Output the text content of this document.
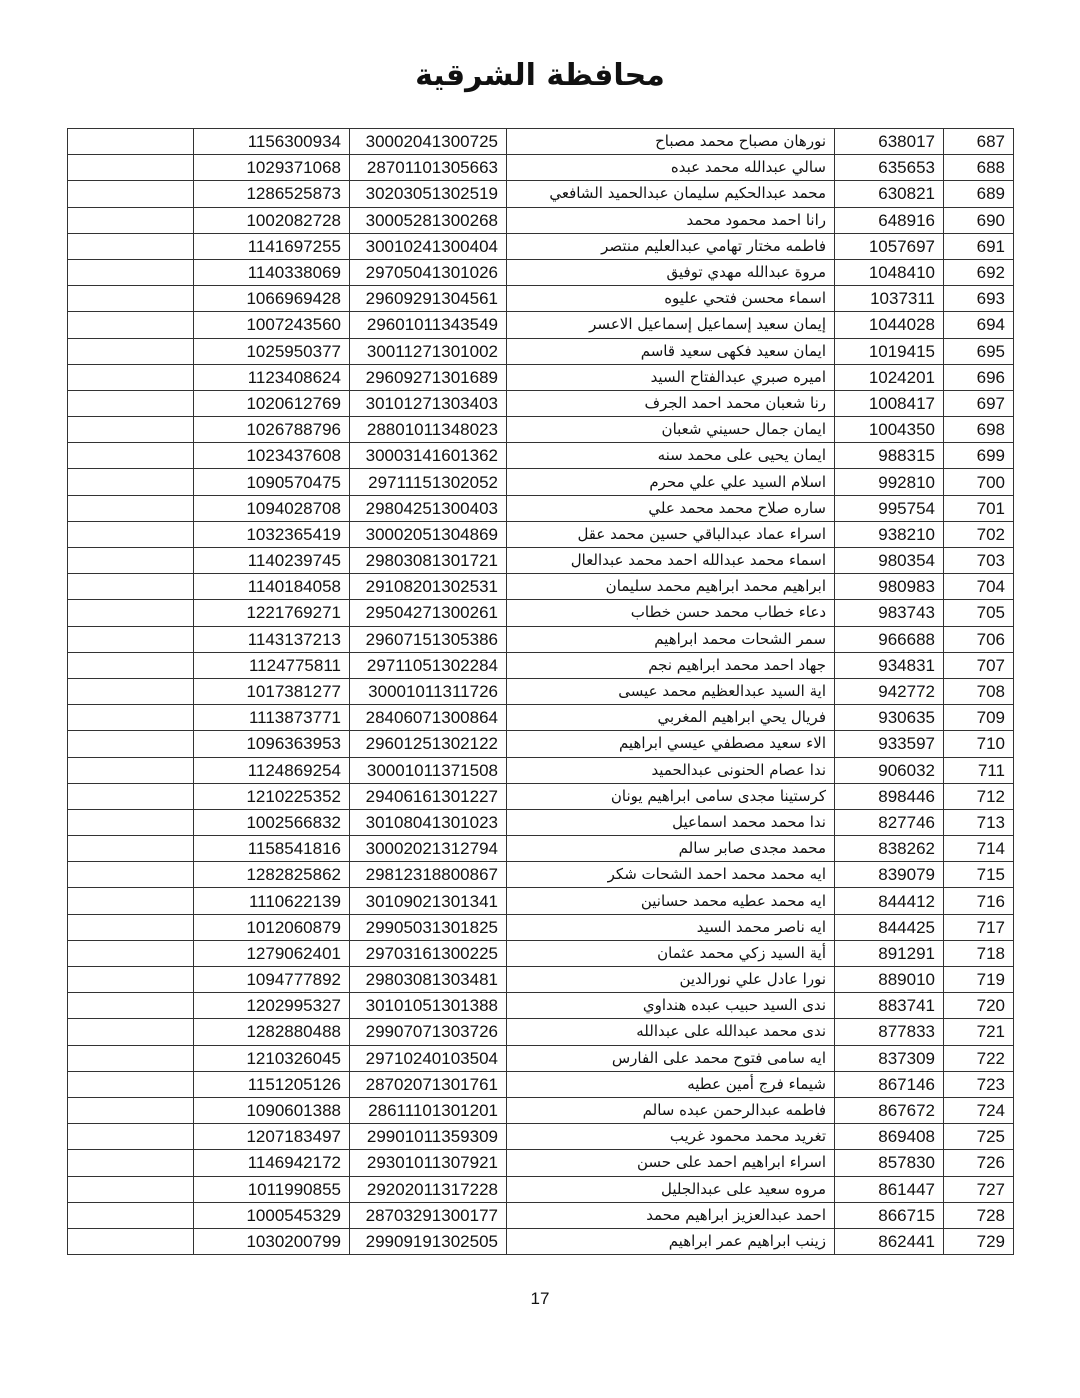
محافظة الشرقية
	1156300934	30002041300725	نورهان مصباح محمد مصباح	638017	687
	1029371068	28701101305663	سالي عبدالله محمد عبده	635653	688
	1286525873	30203051302519	محمد عبدالحكيم سليمان عبدالحميد الشافعي	630821	689
	1002082728	30005281300268	رانا احمد محمود محمد	648916	690
	1141697255	30010241300404	فاطمه مختار تهامي عبدالعليم منتصر	1057697	691
	1140338069	29705041301026	مروة عبدالله مهدي توفيق	1048410	692
	1066969428	29609291304561	اسماء محسن فتحي عليوه	1037311	693
	1007243560	29601011343549	إيمان سعيد إسماعيل إسماعيل الاعسر	1044028	694
	1025950377	30011271301002	ايمان سعيد فكهى سعيد قاسم	1019415	695
	1123408624	29609271301689	اميره صبري عبدالفتاح السيد	1024201	696
	1020612769	30101271303403	رنا شعبان محمد احمد الجرف	1008417	697
	1026788796	28801011348023	ايمان جمال حسيني شعبان	1004350	698
	1023437608	30003141601362	ايمان يحيى على محمد سنه	988315	699
	1090570475	29711151302052	اسلام السيد علي علي محرم	992810	700
	1094028708	29804251300403	ساره صلاح محمد محمد علي	995754	701
	1032365419	30002051304869	اسراء عماد عبدالباقي حسين محمد عقل	938210	702
	1140239745	29803081301721	اسماء محمد عبدالله احمد محمد عبدالعال	980354	703
	1140184058	29108201302531	ابراهيم محمد ابراهيم محمد سليمان	980983	704
	1221769271	29504271300261	دعاء خطاب محمد حسن خطاب	983743	705
	1143137213	29607151305386	سمر الشحات محمد ابراهيم	966688	706
	1124775811	29711051302284	جهاد احمد محمد ابراهيم نجم	934831	707
	1017381277	30001011311726	اية السيد عبدالعظيم محمد عيسى	942772	708
	1113873771	28406071300864	فريال يحي ابراهيم المغربي	930635	709
	1096363953	29601251302122	الاء سعيد مصطفي عيسي ابراهيم	933597	710
	1124869254	30001011371508	ندا عصام الحنونى عبدالحميد	906032	711
	1210225352	29406161301227	كرستينا مجدى سامى ابراهيم يونان	898446	712
	1002566832	30108041301023	ندا محمد محمد اسماعيل	827746	713
	1158541816	30002021312794	محمد مجدى صابر سالم	838262	714
	1282825862	29812318800867	ايه محمد محمد احمد الشحات شكر	839079	715
	1110622139	30109021301341	ايه محمد عطيه محمد حسانين	844412	716
	1012060879	29905031301825	ايه ناصر محمد السيد	844425	717
	1279062401	29703161300225	أية السيد زكي محمد عثمان	891291	718
	1094777892	29803081303481	نورا عادل علي نورالدين	889010	719
	1202995327	30101051301388	ندى السيد حبيب عبده هنداوي	883741	720
	1282880488	29907071303726	ندى محمد عبدالله على عبدالله	877833	721
	1210326045	29710240103504	ايه سامى فتوح محمد على الفارس	837309	722
	1151205126	28702071301761	شيماء فرج أمين عطيه	867146	723
	1090601388	28611101301201	فاطمه عبدالرحمن عبده سالم	867672	724
	1207183497	29901011359309	تغريد محمد محمود غريب	869408	725
	1146942172	29301011307921	اسراء ابراهيم احمد على حسن	857830	726
	1011990855	29202011317228	مروه سعيد على عبدالجليل	861447	727
	1000545329	28703291300177	احمد عبدالعزيز ابراهيم محمد	866715	728
	1030200799	29909191302505	زينب ابراهيم عمر ابراهيم	862441	729
17
